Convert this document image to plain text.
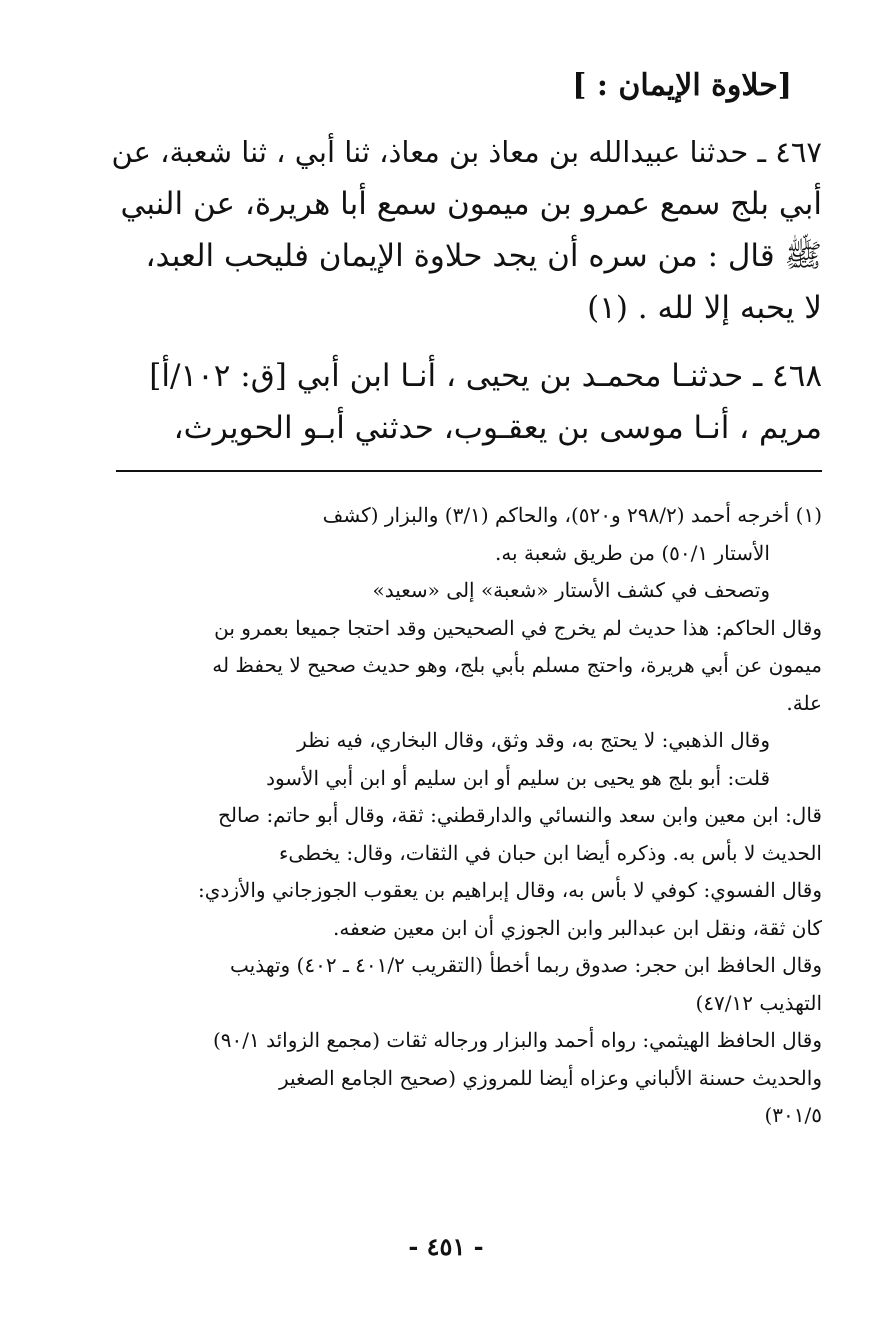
[حلاوة الإيمان : ]
٤٦٧ ـ حدثنا عبيدالله بن معاذ بن معاذ، ثنا أبي ، ثنا شعبة، عن
أبي بلج سمع عمرو بن ميمون سمع أبا هريرة، عن النبي
ﷺ قال : من سره أن يجد حلاوة الإيمان فليحب العبد،
لا يحبه إلا لله . (١)
٤٦٨ ـ حدثنـا محمـد بن يحيى ، أنـا ابن أبي [ق: ١٠٢/أ]
مريم ، أنـا موسى بن يعقـوب، حدثني أبـو الحويرث،
(١) أخرجه أحمد (٢٩٨/٢ و٥٢٠)، والحاكم (٣/١) والبزار (كشف
الأستار ٥٠/١) من طريق شعبة به.
وتصحف في كشف الأستار «شعبة» إلى «سعيد»
وقال الحاكم: هذا حديث لم يخرج في الصحيحين وقد احتجا جميعا بعمرو بن
ميمون عن أبي هريرة، واحتج مسلم بأبي بلج، وهو حديث صحيح لا يحفظ له
علة.
وقال الذهبي: لا يحتج به، وقد وثق، وقال البخاري، فيه نظر
قلت: أبو بلج هو يحيى بن سليم أو ابن سليم أو ابن أبي الأسود
قال: ابن معين وابن سعد والنسائي والدارقطني: ثقة، وقال أبو حاتم: صالح
الحديث لا بأس به. وذكره أيضا ابن حبان في الثقات، وقال: يخطىء
وقال الفسوي: كوفي لا بأس به، وقال إبراهيم بن يعقوب الجوزجاني والأزدي:
كان ثقة، ونقل ابن عبدالبر وابن الجوزي أن ابن معين ضعفه.
وقال الحافظ ابن حجر: صدوق ربما أخطأ (التقريب ٤٠١/٢ ـ ٤٠٢) وتهذيب
التهذيب ٤٧/١٢)
وقال الحافظ الهيثمي: رواه أحمد والبزار ورجاله ثقات (مجمع الزوائد ٩٠/١)
والحديث حسنة الألباني وعزاه أيضا للمروزي (صحيح الجامع الصغير
٣٠١/٥)
- ٤٥١ -
